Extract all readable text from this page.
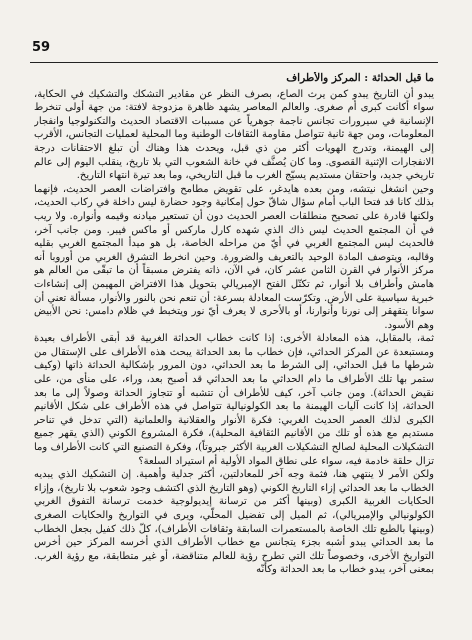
59

ما قبل الحداثة : المركز والأطراف

يبدو أن التاريخ يبدو كمن يرث الصاع، بصرف النظر عن مقادير التشكك والتشكيك في الحكاية، سواء أكانت كبرى أم صغرى. والعالم المعاصر يشهد ظاهرة مزدوجة لافتة: من جهة أولى تنخرط الإنسانية في سيرورات تجانس ناجمة جوهرياً عن مسببات الاقتصاد الحديث والتكنولوجيا وانفجار المعلومات، ومن جهة ثانية تتواصل مقاومة الثقافات الوطنية وما المحلية لعمليات التجانس، الأقرب إلى الهيمنة، وتدرج الهويات أكثر من ذي قبل، ويحدث هذا وهناك أن تبلغ الاحتقانات درجة الانفجارات الإثنية القصوى. وما كان يُصنَّف في خانة الشعوب التي بلا تاريخ، ينقلب اليوم إلى عالم تاريخي جديد، واحتقان مستديم يسيّج الغرب ما قبل التاريخي، وما بعد تيرة انتهاء التاريخ.

وحين انشغل نيتشه، ومن بعده هايدغر، على تقويض مطامح وافتراضات العصر الحديث، فإنهما بذلك كانا قد فتحا الباب أمام سؤال شاقّ حول إمكانية وجود حضارة ليس داخلة في ركاب الحديث، ولكنها قادرة على تصحيح منطلقات العصر الحديث دون أن تستعير ميادنه وقيمه وأنواره. ولا ريب في أن المجتمع الحديث ليس ذاك الذي شهده كارل ماركس أو ماكس فيبر. ومن جانب آخر، فالحديث ليس المجتمع الغربي في أيّ من مراحله الخاصة، بل هو ميدأ المجتمع الغربي بقليه وقالبه، ويتوصف المادة الوحيد بالتعريف والضرورة. وحين انخرط التشرق الغربي من أوروبا أنه مركز الأنوار في القرن الثامن عشر كان، في الآن، ذاته يفترض مسبقاً أن ما تبقّى من العالم هو هامش وأطراف بلا أنوار، ثم تكتّل الفتح الإمبريالي بتحويل هذا الافتراض المهيمن إلى إنشاءات خبرية سياسية على الأرض. وتكرّست المعادلة بسرعة: أن تنعم نحن بالنور والأنوار، مسألة تعني أن سوانا يتقهقر إلى نورنا وأنوارنا، أو بالأحرى لا يعرف أيّ نور ويتخبط في ظلام دامس: نحن الأبيض وهم الأسود.

ثمة، بالمقابل، هذه المعادلة الأخرى: إذا كانت خطاب الحداثة الغربية قد أبقى الأطراف بعيدة ومستبعدة عن المركز الحداثي، فإن خطاب ما بعد الحداثة يبحث هذه الأطراف على الإستقال من شرطها ما قبل الحداثي، إلى الشرط ما بعد الحداثي، دون المرور بإشكالية الحداثة ذاتها (وكيف ستمر بها تلك الأطراف ما دام الحداثي ما بعد الحداثي قد أصبح بعد، وراء، على منأى من، على نقيض الحداثة). ومن جانب آخر، كيف للأطراف أن تتشبه أو تتجاوز الحداثة وصولاً إلى ما بعد الحداثة، إذا كانت آليات الهيمنة ما بعد الكولونيالية تتواصل في هذه الأطراف على شكل الأقانيم الكبرى لذلك العصر الحديث الغربي: فكرة الأنوار والعقلانية والعلمانية (التي تدخل في تناحر مستديم مع هذه أو تلك من الأقانيم الثقافية المحلية)، فكرة المشروع الكوني (الذي يقهر جميع التشكيلات المحلية لصالح التشكيلات الغربية الأكثر جبروتاً)، وفكرة التصنيع التي كانت الأطراف وما تزال حلقة خادمة فيه، سواء على نطاق المواد الأولية أم استيراد السلعة؟

ولكن الأمر لا ينتهي هنا، فثمة وجه آخر للمعادلتين، أكثر جدلية وأهمية. إن التشكيك الذي يبديه الخطاب ما بعد الحداثي إزاء التاريخ الكوني (وهو التاريخ الذي اكتشف وجود شعوب بلا تاريخ)، وإزاء الحكايات الغربية الكبرى (وبينها أكثر من ترسانة إيديولوجية خدمت ترسانة التفوق الغربي الكولونيالي والإمبريالي)، ثم الميل إلى تفضيل المحلّي، ويرى في التواريخ والحكايات الصغرى (وبينها بالطبع تلك الخاصة بالمستعمرات السابقة وثقافات الأطراف)، كلّ ذلك كفيل بجعل الخطاب ما بعد الحداثي يبدو أشبه بجزء يتجانس مع خطاب الأطراف الذي أخرسه المركز حين أخرس التواريخ الأخرى، وخصوصاً تلك التي تطرح رؤية للعالم متناقضة، أو غير متطابقة، مع رؤية الغرب. بمعنى آخر، يبدو خطاب ما بعد الحداثة وكأنّه
